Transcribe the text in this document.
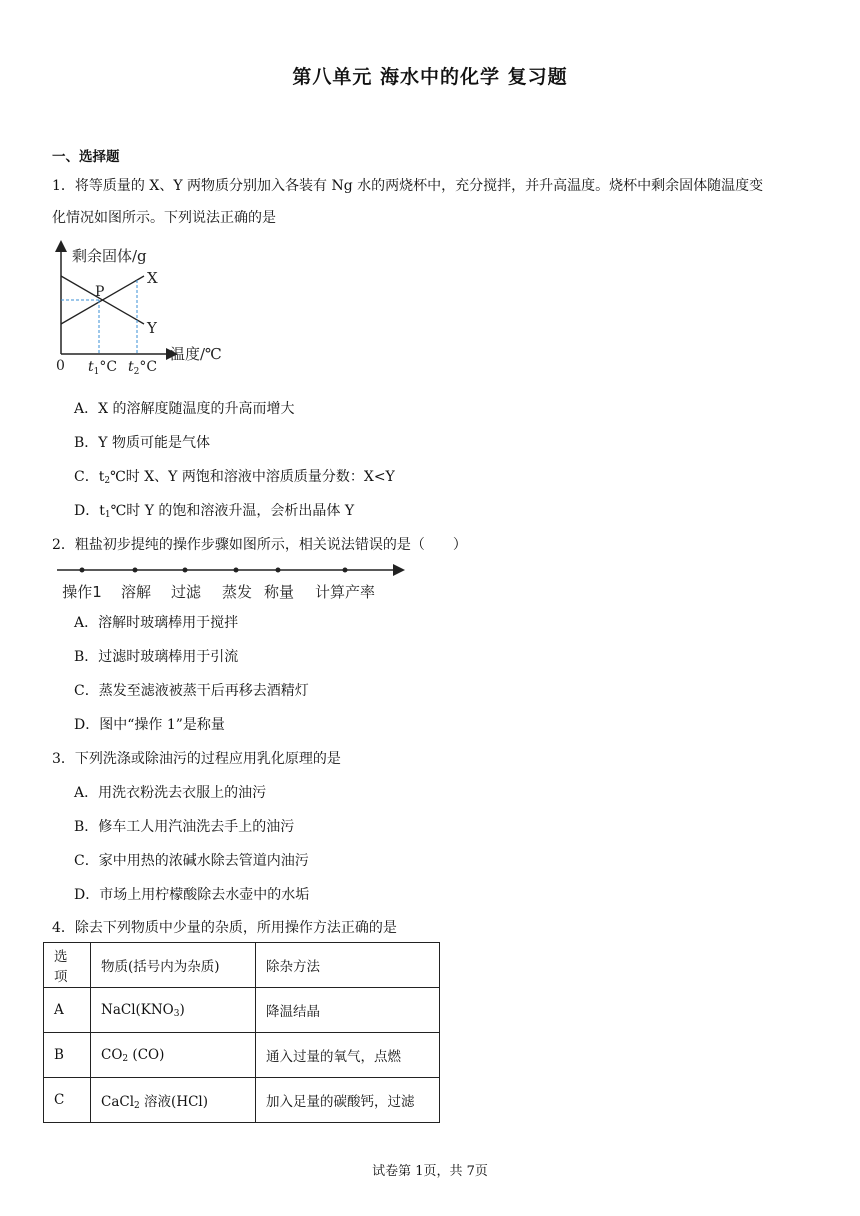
第八单元 海水中的化学 复习题
一、选择题
1．将等质量的 X、Y 两物质分别加入各装有 Ng 水的两烧杯中，充分搅拌，并升高温度。烧杯中剩余固体随温度变
化情况如图所示。下列说法正确的是
剩余固体/g
X
Y
P
0
温度/℃
$t_1^\circ C$ $t_2^\circ C$
A．X 的溶解度随温度的升高而增大
B．Y 物质可能是气体
C．$t_2℃$时 X、Y 两饱和溶液中溶质质量分数：X<Y
D．$t_1℃$时 Y 的饱和溶液升温，会析出晶体 Y
2．粗盐初步提纯的操作步骤如图所示，相关说法错误的是（　　）
操作1 溶解 过滤 蒸发 称量 计算产率
A．溶解时玻璃棒用于搅拌
B．过滤时玻璃棒用于引流
C．蒸发至滤液被蒸干后再移去酒精灯
D．图中“操作 1”是称量
3．下列洗涤或除油污的过程应用乳化原理的是
A．用洗衣粉洗去衣服上的油污
B．修车工人用汽油洗去手上的油污
C．家中用热的浓碱水除去管道内油污
D．市场上用柠檬酸除去水壶中的水垢
4．除去下列物质中少量的杂质，所用操作方法正确的是
选项	物质(括号内为杂质)	除杂方法
A	$NaCl(KNO_3)$	降温结晶
B	$CO_2$ (CO)	通入过量的氧气，点燃
C	CaCl$_2$ 溶液(HCl)	加入足量的碳酸钙，过滤
试卷第 1页，共 7页
